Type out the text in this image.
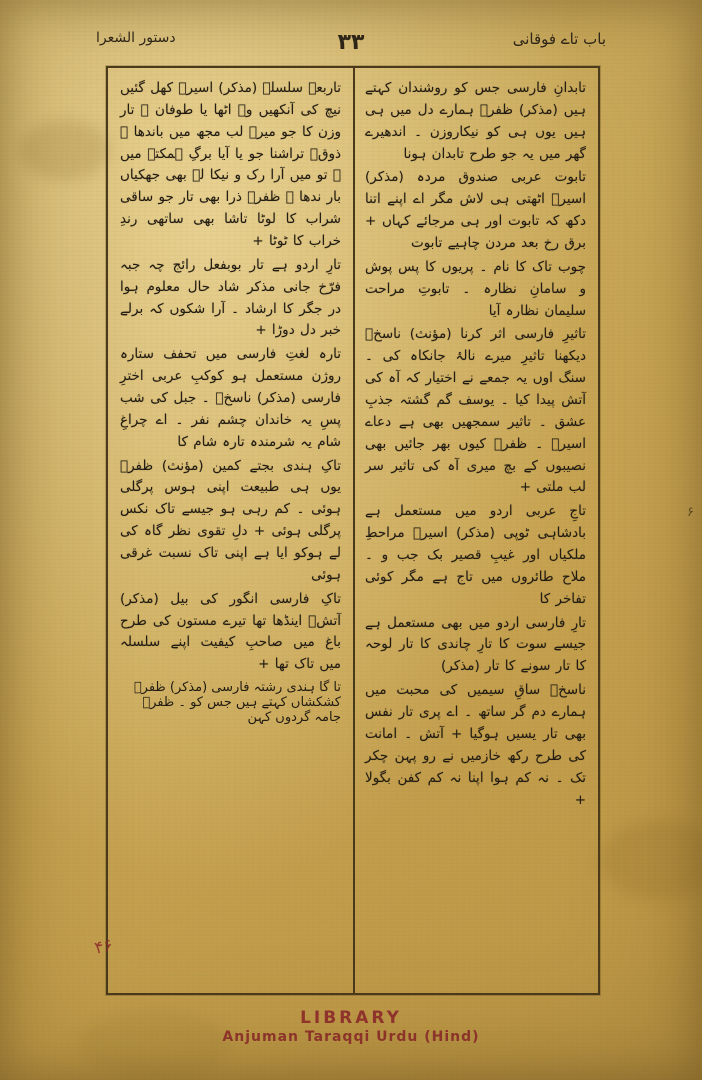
باب تاے فوقانی
۳۳
دستور الشعرا
۶

تابدانِ فارسی جس کو روشندان کہتے ہیں (مذکر) ظفرؔ ہمارے دل میں ہی ہیں یوں ہی کو نیکاروزن ۔ اندھیرے گھر میں یہ جو طرح تابدان ہونا

تابوت عربی صندوق مردہ (مذکر) اسیرؔ اٹھتی ہی لاش مگر اے اپنے اتنا دکھ کہ تابوت اور ہی مرجائے کہاں + برق رخ بعد مردن چاہیے تابوت

چوب تاک کا نام ۔ پریوں کا پس پوش و سامانِ نظارہ ۔ تابوتِ مراحت سلیمان نظارہ آیا

تاثیرِ فارسی اثر کرنا (مؤنث) ناسخؔ دیکھنا تاثیرِ میرے نالۂ جانکاہ کی ۔ سنگ اوں یہ جمعے نے اختیار کہ آہ کی آتش پیدا کیا ۔ یوسف گم گشتہ جذبِ عشق ۔ تاثیر سمجھیں بھی ہے دعاے اسیرؔ ۔ ظفرؔ کیوں بھر جائیں بھی نصیبوں کے بچ میری آہ کی تاثیر سر لب ملتی +

تاجِ عربی اردو میں مستعمل ہے بادشاہی ٹوپی (مذکر) اسیرؔ مراحطِ ملکیاں اور غیبِ قصیر بک جب و ۔ ملاح طائروں میں تاج ہے مگر کوئی تفاخر کا

تارِ فارسی اردو میں بھی مستعمل ہے جیسے سوت کا تارِ چاندی کا تار لوحہ کا تار سونے کا تار (مذکر)

ناسخؔ ساقِ سیمیں کی محبت میں ہمارے دم گر ساتھ ۔ اے پری تار نفس بھی تار یسیں ہوگیا + آتش ۔ امانت کی طرح رکھ خازمیں نے رو پہن چکر تک ۔ نہ کم ہوا اپنا نہ کم کفن بگولا +

تاربعے سلسلہ (مذکر) اسیرؔ کھل گئیں نیچ کی آنکھیں وہ اٹھا یا طوفان ۔ تار وزن کا جو میرے لب مجھ میں باندھا ۔ ذوقؔ تراشنا جو یا آیا برگِ ہمکتہ میں ۔ تو میں آرا رک و نیکا لے بھی جھکیاں بار ندھا ۔ ظفرؔ ذرا بھی تار جو ساقی شراب کا لوٹا تاشا بھی ساتھی رندِ خراب کا ٹوٹا +

تارِ اردو ہے تار بوبفعل رائج چہ جبہ فرّخ جانی مذکر شاد حال معلوم ہوا در جگر کا ارشاد ۔ آرا شکوں کہ برلے خبر دل دوڑا +

تارہ لغتِ فارسی میں تحفف ستارہ روژن مستعمل ہو کوکبِ عربی اخترِ فارسی (مذکر) ناسخؔ ۔ جبل کی شب پسِ یہ خاندان چشم نفر ۔ اے چراغِ شام یہ شرمندہ تارہ شام کا

تاکِ ہندی بجتے کمین (مؤنث) ظفرؔ یوں ہی طبیعت اپنی ہوس پرگلی ہوئی ۔ کم رہی ہو جیسے تاک نکس پرگلی ہوئی + دلِ تقوی نظر گاہ کی لے ہوکو ایا ہے اپنی تاک نسبت غرقی ہوئی

تاکِ فارسی انگور کی بیل (مذکر) آتشؔ اینڈھا تھا تیرے مستون کی طرح باغ میں صاحبِ کیفیت اپنے سلسلہ میں تاک تھا +

تا گا ہندی رشتہ فارسی (مذکر) ظفرؔ کشکشاں کہتے ہیں جس کو ۔ ظفرؔ جامہ گردوں کہن

۴۶
LIBRARY
Anjuman Taraqqi Urdu (Hind)
